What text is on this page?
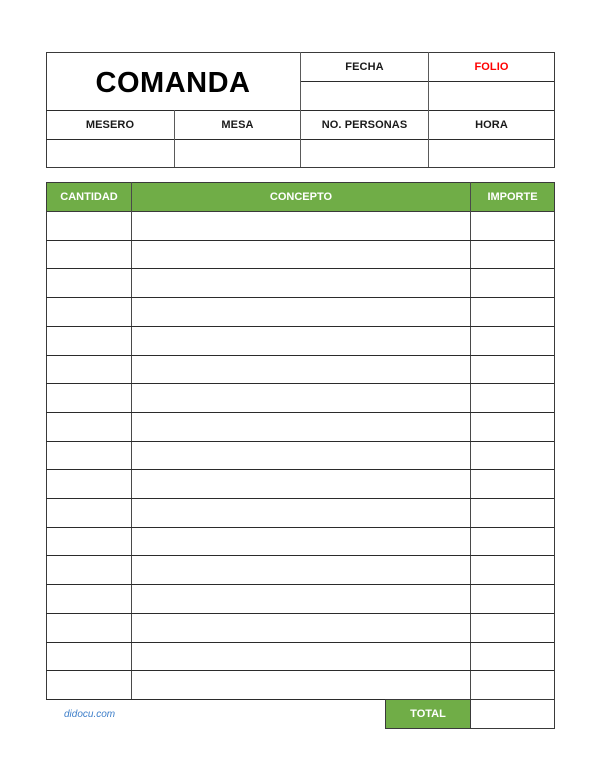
COMANDA	FECHA	FOLIO
MESERO	MESA	NO. PERSONAS	HORA
CANTIDAD	CONCEPTO	IMPORTE
TOTAL
didocu.com
